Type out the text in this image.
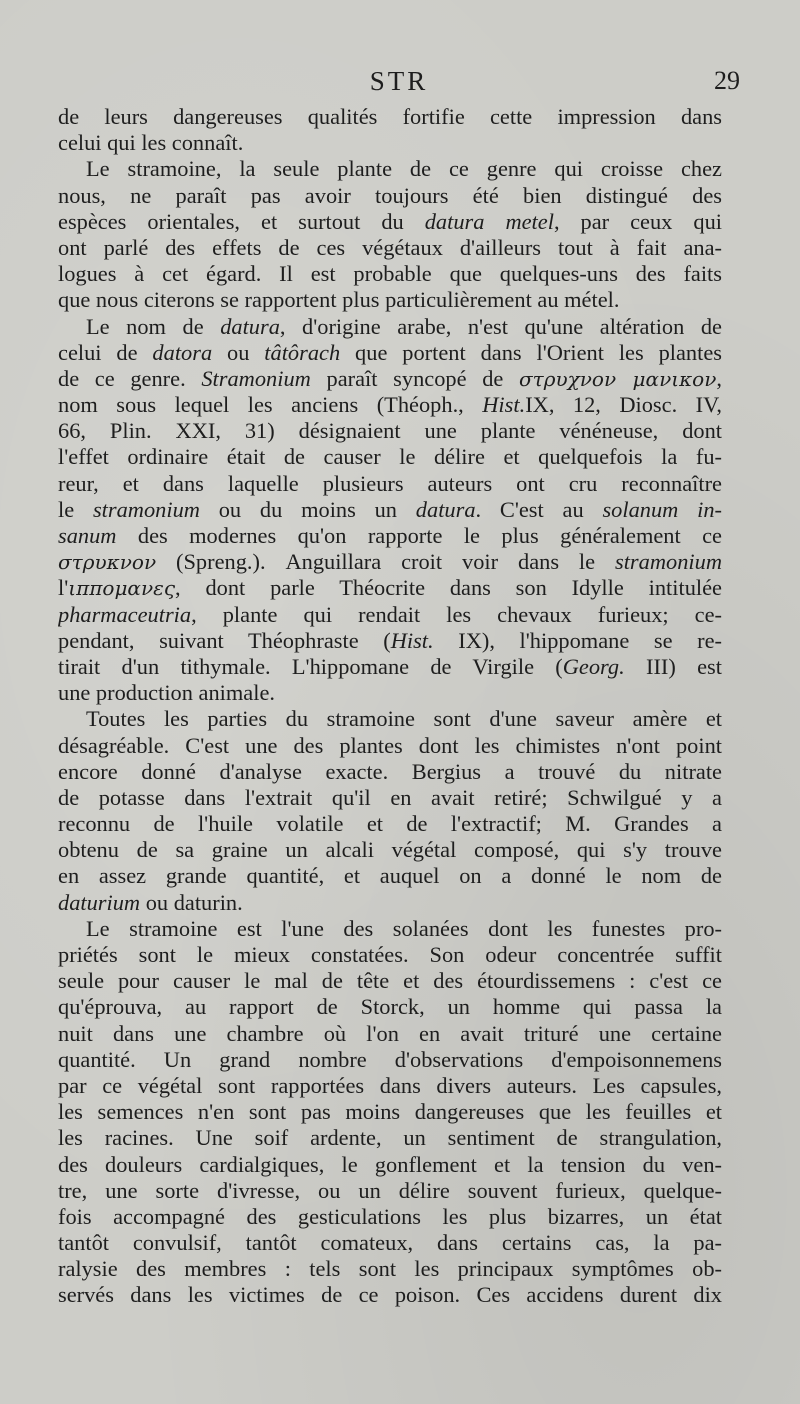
STR	29
de leurs dangereuses qualités fortifie cette impression dans
celui qui les connaît.
Le stramoine, la seule plante de ce genre qui croisse chez
nous, ne paraît pas avoir toujours été bien distingué des
espèces orientales, et surtout du datura metel, par ceux qui
ont parlé des effets de ces végétaux d'ailleurs tout à fait ana-
logues à cet égard. Il est probable que quelques-uns des faits
que nous citerons se rapportent plus particulièrement au métel.
Le nom de datura, d'origine arabe, n'est qu'une altération de
celui de datora ou tâtôrach que portent dans l'Orient les plantes
de ce genre. Stramonium paraît syncopé de στρυχνον μανικον,
nom sous lequel les anciens (Théoph., Hist.IX, 12, Diosc. IV,
66, Plin. XXI, 31) désignaient une plante vénéneuse, dont
l'effet ordinaire était de causer le délire et quelquefois la fu-
reur, et dans laquelle plusieurs auteurs ont cru reconnaître
le stramonium ou du moins un datura. C'est au solanum in-
sanum des modernes qu'on rapporte le plus généralement ce
στρυκνον (Spreng.). Anguillara croit voir dans le stramonium
l'ιππομανες, dont parle Théocrite dans son Idylle intitulée
pharmaceutria, plante qui rendait les chevaux furieux; ce-
pendant, suivant Théophraste (Hist. IX), l'hippomane se re-
tirait d'un tithymale. L'hippomane de Virgile (Georg. III) est
une production animale.
Toutes les parties du stramoine sont d'une saveur amère et
désagréable. C'est une des plantes dont les chimistes n'ont point
encore donné d'analyse exacte. Bergius a trouvé du nitrate
de potasse dans l'extrait qu'il en avait retiré; Schwilgué y a
reconnu de l'huile volatile et de l'extractif; M. Grandes a
obtenu de sa graine un alcali végétal composé, qui s'y trouve
en assez grande quantité, et auquel on a donné le nom de
daturium ou daturin.
Le stramoine est l'une des solanées dont les funestes pro-
priétés sont le mieux constatées. Son odeur concentrée suffit
seule pour causer le mal de tête et des étourdissemens : c'est ce
qu'éprouva, au rapport de Storck, un homme qui passa la
nuit dans une chambre où l'on en avait trituré une certaine
quantité. Un grand nombre d'observations d'empoisonnemens
par ce végétal sont rapportées dans divers auteurs. Les capsules,
les semences n'en sont pas moins dangereuses que les feuilles et
les racines. Une soif ardente, un sentiment de strangulation,
des douleurs cardialgiques, le gonflement et la tension du ven-
tre, une sorte d'ivresse, ou un délire souvent furieux, quelque-
fois accompagné des gesticulations les plus bizarres, un état
tantôt convulsif, tantôt comateux, dans certains cas, la pa-
ralysie des membres : tels sont les principaux symptômes ob-
servés dans les victimes de ce poison. Ces accidens durent dix
